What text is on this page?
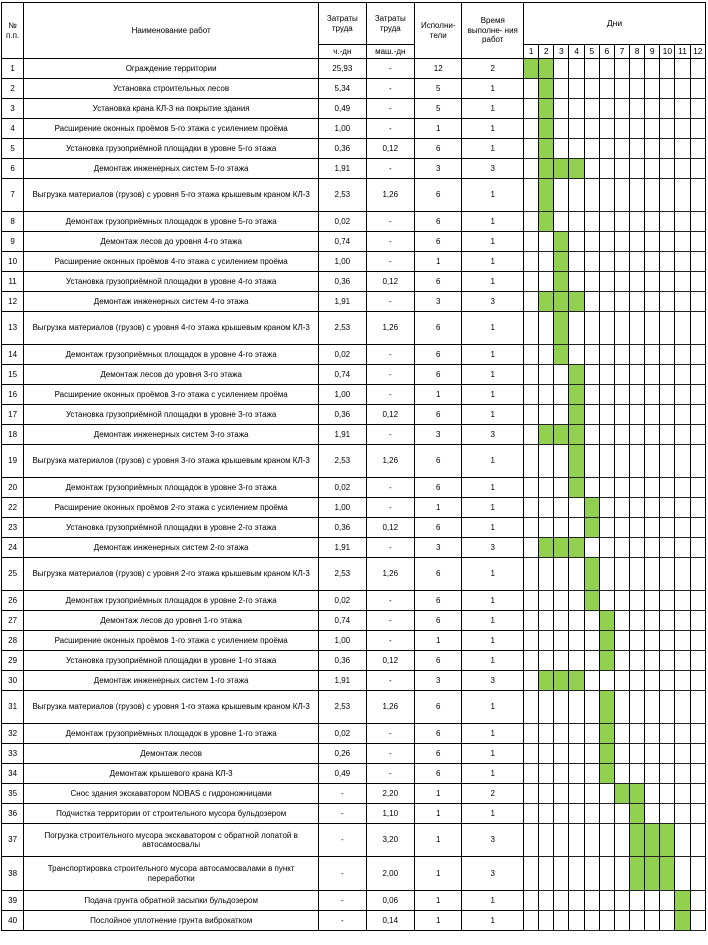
№ п.п.	Наименование работ	Затраты труда	Затраты труда	Исполни- тели	Время выполне- ния работ	Дни											

		ч.-дн	маш.-дн			1	2	3	4	5	6	7	8	9	10	11	12
1	Ограждение территории	25,93	-	12	2												
2	Установка строительных лесов	5,34	-	5	1												
3	Установка крана КЛ-3 на покрытие здания	0,49	-	5	1												
4	Расширение оконных проёмов 5-го этажа с усилением проёма	1,00	-	1	1												
5	Установка грузоприёмной площадки в уровне 5-го этажа	0,36	0,12	6	1												
6	Демонтаж инженерных систем 5-го этажа	1,91	-	3	3												
7	Выгрузка материалов (грузов) с уровня 5-го этажа крышевым краном КЛ-3	2,53	1,26	6	1												
8	Демонтаж грузоприёмных площадок в уровне 5-го этажа	0,02	-	6	1												
9	Демонтаж лесов до уровня 4-го этажа	0,74	-	6	1												
10	Расширение оконных проёмов 4-го этажа с усилением проёма	1,00	-	1	1												
11	Установка грузоприёмной площадки в уровне 4-го этажа	0,36	0,12	6	1												
12	Демонтаж инженерных систем 4-го этажа	1,91	-	3	3												
13	Выгрузка материалов (грузов) с уровня 4-го этажа крышевым краном КЛ-3	2,53	1,26	6	1												
14	Демонтаж грузоприёмных площадок в уровне 4-го этажа	0,02	-	6	1												
15	Демонтаж лесов до уровня 3-го этажа	0,74	-	6	1												
16	Расширение оконных проёмов 3-го этажа с усилением проёма	1,00	-	1	1												
17	Установка грузоприёмной площадки в уровне 3-го этажа	0,36	0,12	6	1												
18	Демонтаж инженерных систем 3-го этажа	1,91	-	3	3												
19	Выгрузка материалов (грузов) с уровня 3-го этажа крышевым краном КЛ-3	2,53	1,26	6	1												
20	Демонтаж грузоприёмных площадок в уровне 3-го этажа	0,02	-	6	1												
22	Расширение оконных проёмов 2-го этажа с усилением проёма	1,00	-	1	1												
23	Установка грузоприёмной площадки в уровне 2-го этажа	0,36	0,12	6	1												
24	Демонтаж инженерных систем 2-го этажа	1,91	-	3	3												
25	Выгрузка материалов (грузов) с уровня 2-го этажа крышевым краном КЛ-3	2,53	1,26	6	1												
26	Демонтаж грузоприёмных площадок в уровне 2-го этажа	0,02	-	6	1												
27	Демонтаж лесов до уровня 1-го этажа	0,74	-	6	1												
28	Расширение оконных проёмов 1-го этажа с усилением проёма	1,00	-	1	1												
29	Установка грузоприёмной площадки в уровне 1-го этажа	0,36	0,12	6	1												
30	Демонтаж инженерных систем 1-го этажа	1,91	-	3	3												
31	Выгрузка материалов (грузов) с уровня 1-го этажа крышевым краном КЛ-3	2,53	1,26	6	1												
32	Демонтаж грузоприёмных площадок в уровне 1-го этажа	0,02	-	6	1												
33	Демонтаж лесов	0,26	-	6	1												
34	Демонтаж крышевого крана КЛ-3	0,49	-	6	1												
35	Снос здания экскаватором NOBAS с гидроножницами	-	2,20	1	2												
36	Подчистка территории от строительного мусора бульдозером	-	1,10	1	1												
37	Погрузка строительного мусора экскаватором с обратной лопатой в автосамосвалы	-	3,20	1	3												
38	Транспортировка строительного мусора автосамосвалами в пункт переработки	-	2,00	1	3												
39	Подача грунта обратной засыпки бульдозером	-	0,06	1	1												
40	Послойное уплотнение грунта виброкатком	-	0,14	1	1												
